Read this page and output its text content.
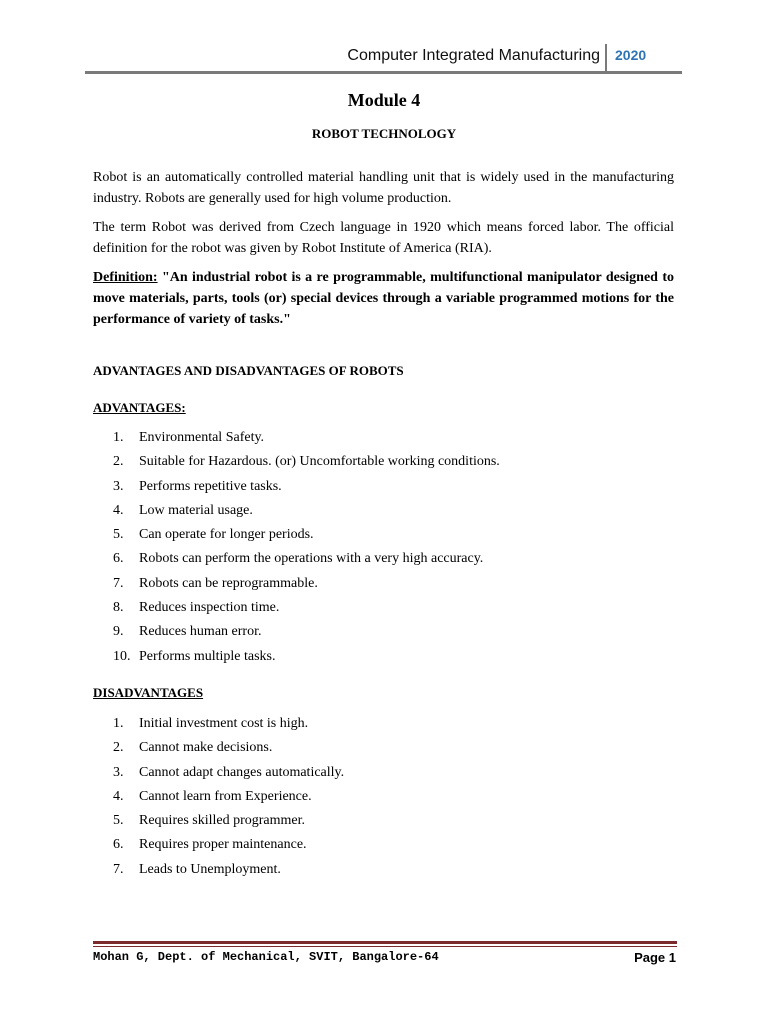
Computer Integrated Manufacturing 2020
Module 4
ROBOT TECHNOLOGY
Robot is an automatically controlled material handling unit that is widely used in the manufacturing industry. Robots are generally used for high volume production.
The term Robot was derived from Czech language in 1920 which means forced labor. The official definition for the robot was given by Robot Institute of America (RIA).
Definition: "An industrial robot is a re programmable, multifunctional manipulator designed to move materials, parts, tools (or) special devices through a variable programmed motions for the performance of variety of tasks."
ADVANTAGES AND DISADVANTAGES OF ROBOTS
ADVANTAGES:
1. Environmental Safety.
2. Suitable for Hazardous. (or) Uncomfortable working conditions.
3. Performs repetitive tasks.
4. Low material usage.
5. Can operate for longer periods.
6. Robots can perform the operations with a very high accuracy.
7. Robots can be reprogrammable.
8. Reduces inspection time.
9. Reduces human error.
10. Performs multiple tasks.
DISADVANTAGES
1. Initial investment cost is high.
2. Cannot make decisions.
3. Cannot adapt changes automatically.
4. Cannot learn from Experience.
5. Requires skilled programmer.
6. Requires proper maintenance.
7. Leads to Unemployment.
Mohan G, Dept. of Mechanical, SVIT, Bangalore-64	Page 1
